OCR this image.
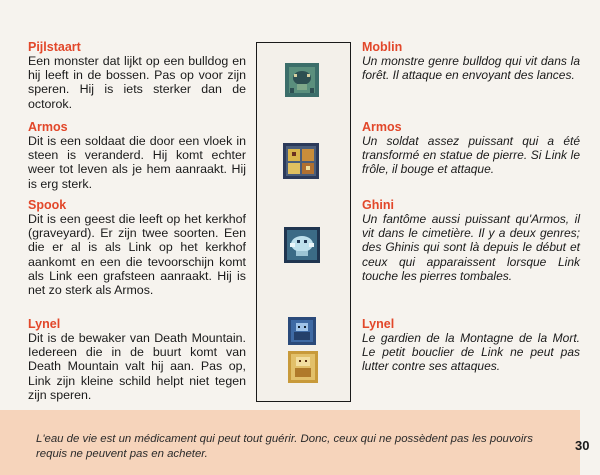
Pijlstaart
Een monster dat lijkt op een bulldog en hij leeft in de bossen. Pas op voor zijn speren. Hij is iets sterker dan de octorok.
Armos
Dit is een soldaat die door een vloek in steen is veranderd. Hij komt echter weer tot leven als je hem aanraakt. Hij is erg sterk.
Spook
Dit is een geest die leeft op het kerkhof (graveyard). Er zijn twee soorten. Een die er al is als Link op het kerkhof aankomt en een die tevoorschijn komt als Link een grafsteen aanraakt. Hij is net zo sterk als Armos.
Lynel
Dit is de bewaker van Death Mountain. Iedereen die in de buurt komt van Death Mountain valt hij aan. Pas op, Link zijn kleine schild helpt niet tegen zijn speren.
Moblin
Un monstre genre bulldog qui vit dans la forêt. Il attaque en envoyant des lances.
Armos
Un soldat assez puissant qui a été transformé en statue de pierre. Si Link le frôle, il bouge et attaque.
Ghini
Un fantôme aussi puissant qu'Armos, il vit dans le cimetière. Il y a deux genres; des Ghinis qui sont là depuis le début et ceux qui apparaissent lorsque Link touche les pierres tombales.
Lynel
Le gardien de la Montagne de la Mort. Le petit bouclier de Link ne peut pas lutter contre ses attaques.
L'eau de vie est un médicament qui peut tout guérir. Donc, ceux qui ne possèdent pas les pouvoirs requis ne peuvent pas en acheter.
30
